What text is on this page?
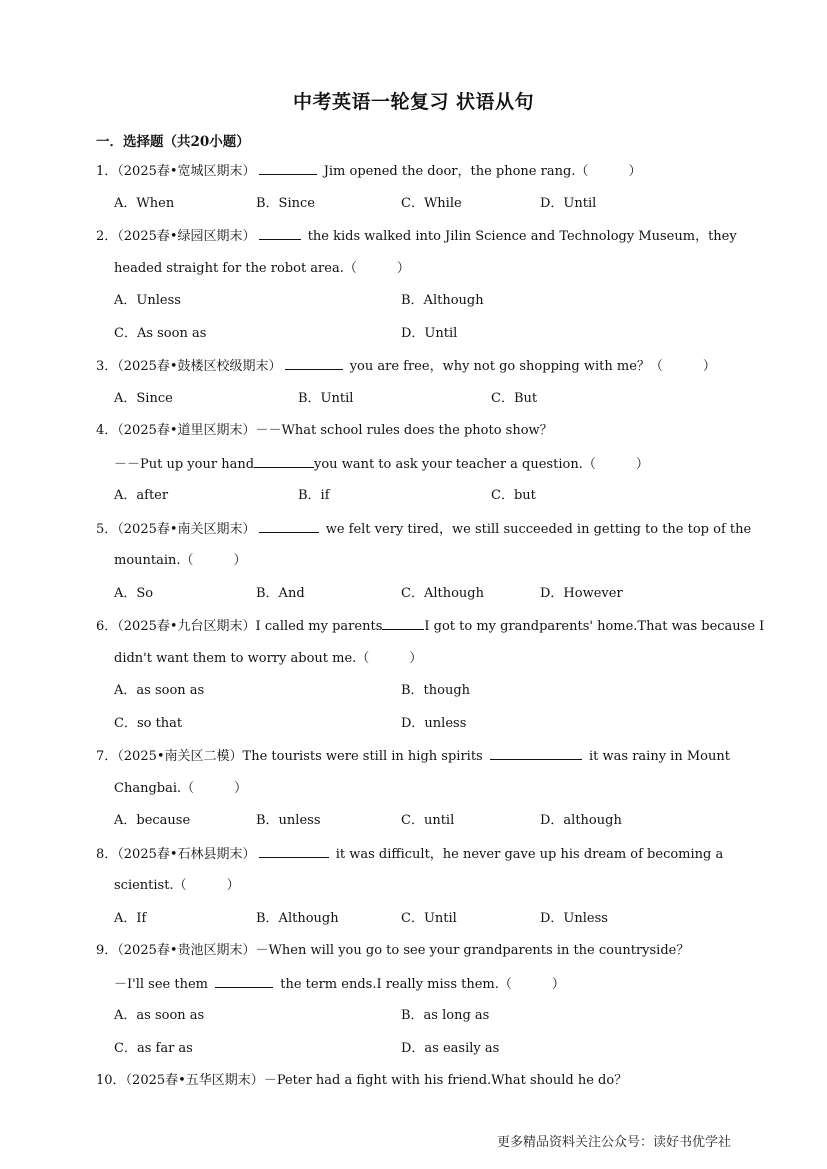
中考英语一轮复习 状语从句
一．选择题（共20小题）
1．（2025春•宽城区期末）	Jim opened the door，the phone rang.（	）
A．When	B．Since	C．While	D．Until
2．（2025春•绿园区期末）	the kids walked into Jilin Science and Technology Museum，they
headed straight for the robot area.（	）
A．Unless	B．Although
C．As soon as	D．Until
3．（2025春•鼓楼区校级期末）	you are free，why not go shopping with me？（	）
A．Since	B．Until	C．But
4．（2025春•道里区期末）－－What school rules does the photo show？
－－Put up your hand	you want to ask your teacher a question.（	）
A．after	B．if	C．but
5．（2025春•南关区期末）	we felt very tired，we still succeeded in getting to the top of the
mountain.（	）
A．So	B．And	C．Although	D．However
6．（2025春•九台区期末）I called my parents	I got to my grandparents' home.That was because I
didn't want them to worry about me.（	）
A．as soon as	B．though
C．so that	D．unless
7．（2025•南关区二模）The tourists were still in high spirits	it was rainy in Mount
Changbai.（	）
A．because	B．unless	C．until	D．although
8．（2025春•石林县期末）	it was difficult，he never gave up his dream of becoming a
scientist.（	）
A．If	B．Although	C．Until	D．Unless
9．（2025春•贵池区期末）－When will you go to see your grandparents in the countryside？
－I'll see them	the term ends.I really miss them.（	）
A．as soon as	B．as long as
C．as far as	D．as easily as
10．（2025春•五华区期末）－Peter had a fight with his friend.What should he do？
更多精品资料关注公众号：读好书优学社
